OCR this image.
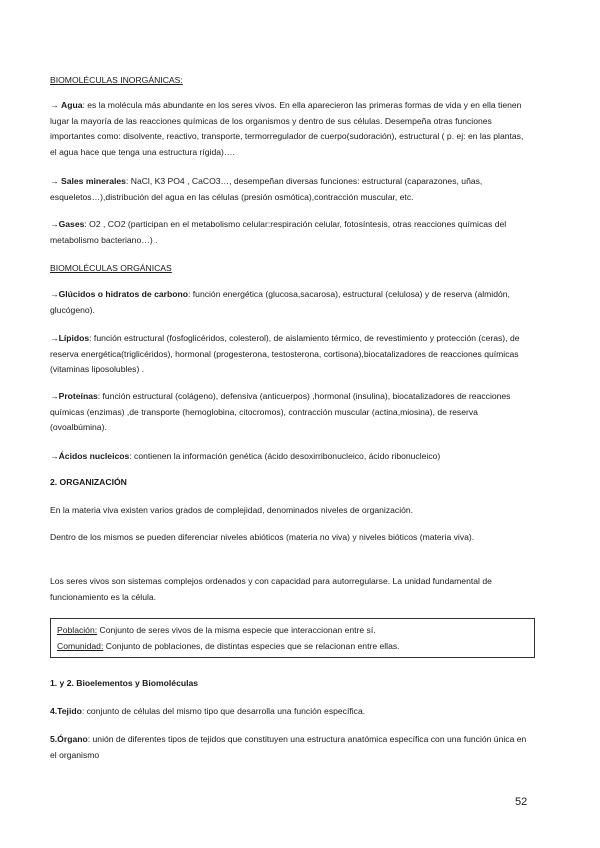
BIOMOLÉCULAS INORGÁNICAS:
→ Agua: es la molécula más abundante en los seres vivos. En ella aparecieron las primeras formas de vida y en ella tienen lugar la mayoría de las reacciones químicas de los organismos y dentro de sus células. Desempeña otras funciones importantes como: disolvente, reactivo, transporte, termorregulador de cuerpo(sudoración), estructural ( p. ej: en las plantas, el agua hace que tenga una estructura rígida)….
→ Sales minerales: NaCl, K3 PO4 , CaCO3…, desempeñan diversas funciones: estructural (caparazones, uñas, esqueletos…),distribución del agua en las células (presión osmótica),contracción muscular, etc.
→Gases: O2 , CO2 (participan en el metabolismo celular:respiración celular, fotosíntesis, otras reacciones químicas del metabolismo bacteriano…) .
BIOMOLÉCULAS ORGÁNICAS
→Glúcidos o hidratos de carbono: función energética (glucosa,sacarosa), estructural (celulosa) y de reserva (almidón, glucógeno).
→Lípidos: función estructural (fosfoglicéridos, colesterol), de aislamiento térmico, de revestimiento y protección (ceras), de reserva energética(triglicéridos), hormonal (progesterona, testosterona, cortisona),biocatalizadores de reacciones químicas (vitaminas liposolubles) .
→Proteínas: función estructural (colágeno), defensiva (anticuerpos) ,hormonal (insulina), biocatalizadores de reacciones químicas (enzimas) ,de transporte (hemoglobina, citocromos), contracción muscular (actina,miosina), de reserva (ovoalbúmina).
→Ácidos nucleicos: contienen la información genética (ácido desoxirribonucleico, ácido ribonucleico)
2. ORGANIZACIÓN
En la materia viva existen varios grados de complejidad, denominados niveles de organización.
Dentro de los mismos se pueden diferenciar niveles abióticos (materia no viva) y niveles bióticos (materia viva).
Los seres vivos son sistemas complejos ordenados y con capacidad para autorregularse. La unidad fundamental de funcionamiento es la célula.
Población: Conjunto de seres vivos de la misma especie que interaccionan entre sí.
Comunidad: Conjunto de poblaciones, de distintas especies que se relacionan entre ellas.
1. y 2. Bioelementos y Biomoléculas
4.Tejido: conjunto de células del mismo tipo que desarrolla una función específica.
5.Órgano: unión de diferentes tipos de tejidos que constituyen una estructura anatómica específica con una función única en el organismo
52
